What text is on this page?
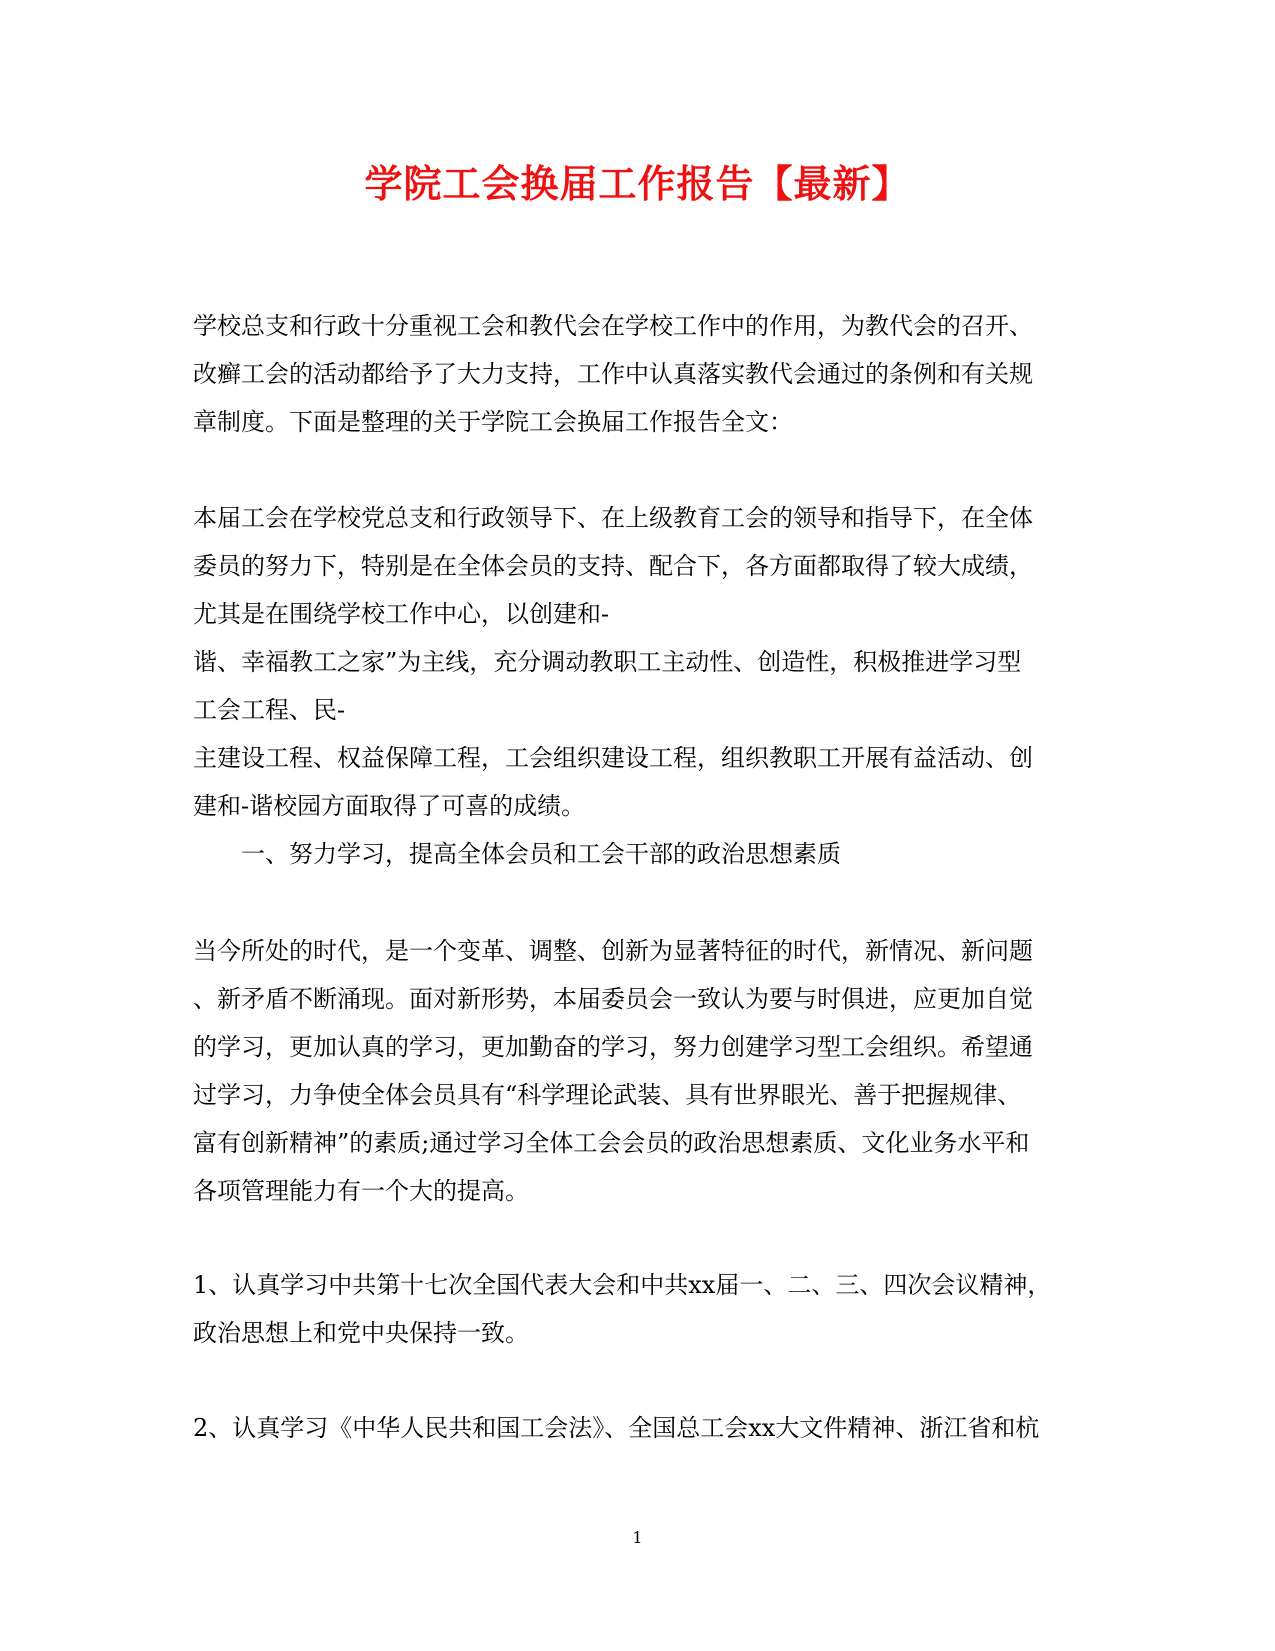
学院工会换届工作报告【最新】
学校总支和行政十分重视工会和教代会在学校工作中的作用，为教代会的召开、
改癣工会的活动都给予了大力支持，工作中认真落实教代会通过的条例和有关规
章制度。下面是整理的关于学院工会换届工作报告全文：
本届工会在学校党总支和行政领导下、在上级教育工会的领导和指导下，在全体
委员的努力下，特别是在全体会员的支持、配合下，各方面都取得了较大成绩，
尤其是在围绕学校工作中心，以创建和-
谐、幸福教工之家”为主线，充分调动教职工主动性、创造性，积极推进学习型
工会工程、民-
主建设工程、权益保障工程，工会组织建设工程，组织教职工开展有益活动、创
建和-谐校园方面取得了可喜的成绩。
一、努力学习，提高全体会员和工会干部的政治思想素质
当今所处的时代，是一个变革、调整、创新为显著特征的时代，新情况、新问题
、新矛盾不断涌现。面对新形势，本届委员会一致认为要与时俱进，应更加自觉
的学习，更加认真的学习，更加勤奋的学习，努力创建学习型工会组织。希望通
过学习，力争使全体会员具有“科学理论武装、具有世界眼光、善于把握规律、
富有创新精神”的素质;通过学习全体工会会员的政治思想素质、文化业务水平和
各项管理能力有一个大的提高。
1、认真学习中共第十七次全国代表大会和中共xx届一、二、三、四次会议精神，
政治思想上和党中央保持一致。
2、认真学习《中华人民共和国工会法》、全国总工会xx大文件精神、浙江省和杭
1
